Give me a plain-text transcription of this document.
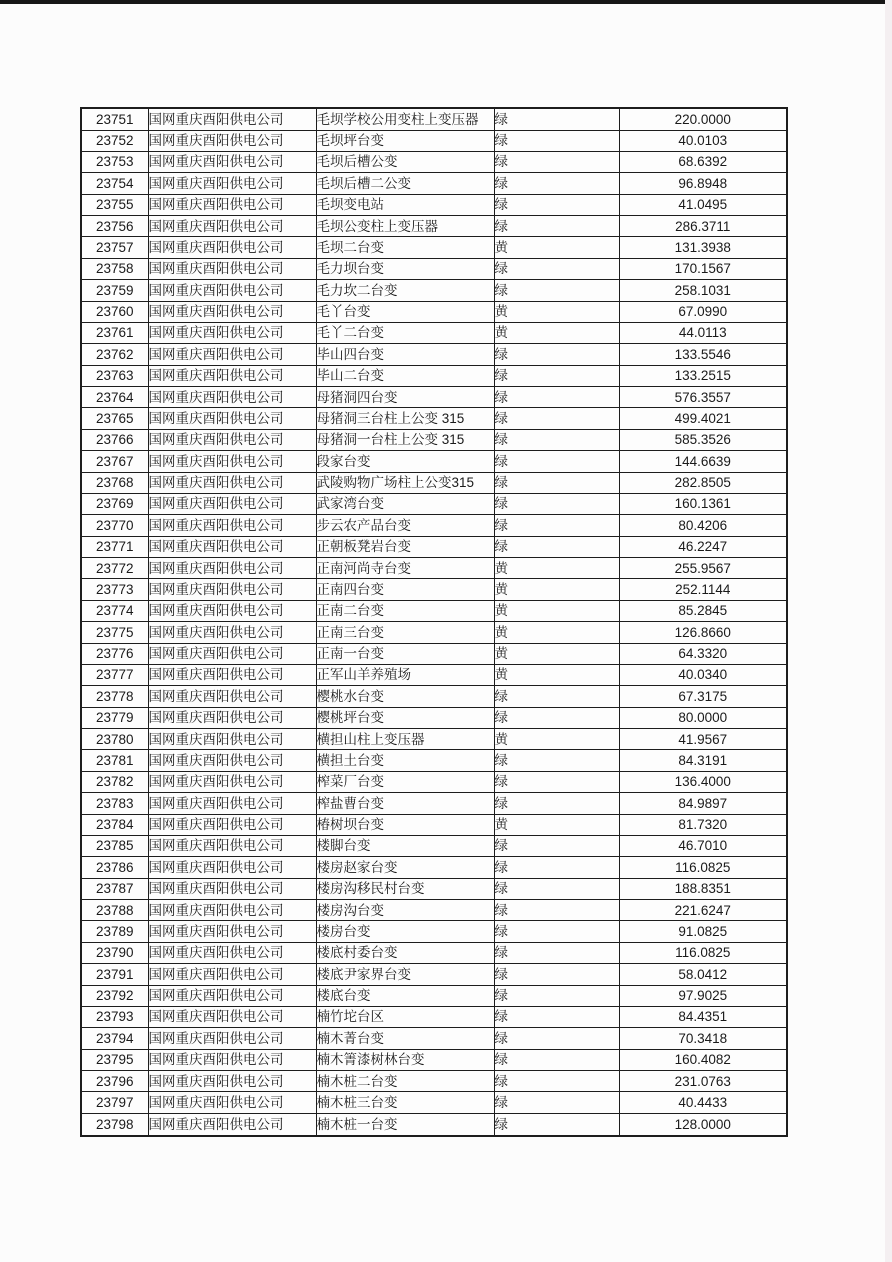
23751	国网重庆酉阳供电公司	毛坝学校公用变柱上变压器	绿	220.0000
23752	国网重庆酉阳供电公司	毛坝坪台变	绿	40.0103
23753	国网重庆酉阳供电公司	毛坝后槽公变	绿	68.6392
23754	国网重庆酉阳供电公司	毛坝后槽二公变	绿	96.8948
23755	国网重庆酉阳供电公司	毛坝变电站	绿	41.0495
23756	国网重庆酉阳供电公司	毛坝公变柱上变压器	绿	286.3711
23757	国网重庆酉阳供电公司	毛坝二台变	黄	131.3938
23758	国网重庆酉阳供电公司	毛力坝台变	绿	170.1567
23759	国网重庆酉阳供电公司	毛力坎二台变	绿	258.1031
23760	国网重庆酉阳供电公司	毛丫台变	黄	67.0990
23761	国网重庆酉阳供电公司	毛丫二台变	黄	44.0113
23762	国网重庆酉阳供电公司	毕山四台变	绿	133.5546
23763	国网重庆酉阳供电公司	毕山二台变	绿	133.2515
23764	国网重庆酉阳供电公司	母猪洞四台变	绿	576.3557
23765	国网重庆酉阳供电公司	母猪洞三台柱上公变 315	绿	499.4021
23766	国网重庆酉阳供电公司	母猪洞一台柱上公变 315	绿	585.3526
23767	国网重庆酉阳供电公司	段家台变	绿	144.6639
23768	国网重庆酉阳供电公司	武陵购物广场柱上公变315	绿	282.8505
23769	国网重庆酉阳供电公司	武家湾台变	绿	160.1361
23770	国网重庆酉阳供电公司	步云农产品台变	绿	80.4206
23771	国网重庆酉阳供电公司	正朝板凳岩台变	绿	46.2247
23772	国网重庆酉阳供电公司	正南河尚寺台变	黄	255.9567
23773	国网重庆酉阳供电公司	正南四台变	黄	252.1144
23774	国网重庆酉阳供电公司	正南二台变	黄	85.2845
23775	国网重庆酉阳供电公司	正南三台变	黄	126.8660
23776	国网重庆酉阳供电公司	正南一台变	黄	64.3320
23777	国网重庆酉阳供电公司	正军山羊养殖场	黄	40.0340
23778	国网重庆酉阳供电公司	樱桃水台变	绿	67.3175
23779	国网重庆酉阳供电公司	樱桃坪台变	绿	80.0000
23780	国网重庆酉阳供电公司	横担山柱上变压器	黄	41.9567
23781	国网重庆酉阳供电公司	横担土台变	绿	84.3191
23782	国网重庆酉阳供电公司	榨菜厂台变	绿	136.4000
23783	国网重庆酉阳供电公司	榨盐曹台变	绿	84.9897
23784	国网重庆酉阳供电公司	椿树坝台变	黄	81.7320
23785	国网重庆酉阳供电公司	楼脚台变	绿	46.7010
23786	国网重庆酉阳供电公司	楼房赵家台变	绿	116.0825
23787	国网重庆酉阳供电公司	楼房沟移民村台变	绿	188.8351
23788	国网重庆酉阳供电公司	楼房沟台变	绿	221.6247
23789	国网重庆酉阳供电公司	楼房台变	绿	91.0825
23790	国网重庆酉阳供电公司	楼底村委台变	绿	116.0825
23791	国网重庆酉阳供电公司	楼底尹家界台变	绿	58.0412
23792	国网重庆酉阳供电公司	楼底台变	绿	97.9025
23793	国网重庆酉阳供电公司	楠竹坨台区	绿	84.4351
23794	国网重庆酉阳供电公司	楠木菁台变	绿	70.3418
23795	国网重庆酉阳供电公司	楠木箐漆树林台变	绿	160.4082
23796	国网重庆酉阳供电公司	楠木桩二台变	绿	231.0763
23797	国网重庆酉阳供电公司	楠木桩三台变	绿	40.4433
23798	国网重庆酉阳供电公司	楠木桩一台变	绿	128.0000
